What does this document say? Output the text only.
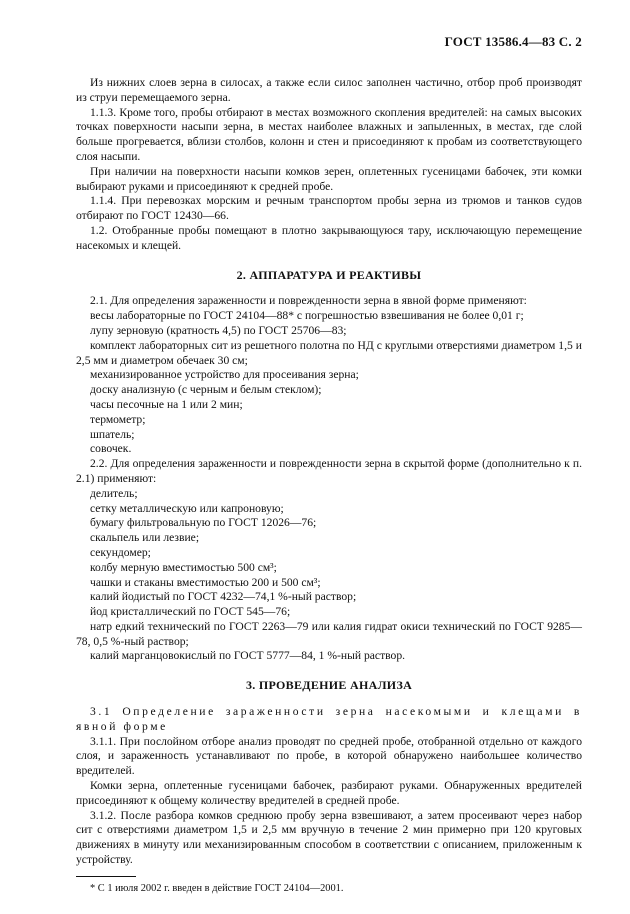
ГОСТ 13586.4—83 С. 2

Из нижних слоев зерна в силосах, а также если силос заполнен частично, отбор проб производят из струи перемещаемого зерна.

1.1.3. Кроме того, пробы отбирают в местах возможного скопления вредителей: на самых высоких точках поверхности насыпи зерна, в местах наиболее влажных и запыленных, в местах, где слой больше прогревается, вблизи столбов, колонн и стен и присоединяют к пробам из соответствующего слоя насыпи.

При наличии на поверхности насыпи комков зерен, оплетенных гусеницами бабочек, эти комки выбирают руками и присоединяют к средней пробе.

1.1.4. При перевозках морским и речным транспортом пробы зерна из трюмов и танков судов отбирают по ГОСТ 12430—66.

1.2. Отобранные пробы помещают в плотно закрывающуюся тару, исключающую перемещение насекомых и клещей.

2. АППАРАТУРА И РЕАКТИВЫ

2.1. Для определения зараженности и поврежденности зерна в явной форме применяют:

весы лабораторные по ГОСТ 24104—88* с погрешностью взвешивания не более 0,01 г;

лупу зерновую (кратность 4,5) по ГОСТ 25706—83;

комплект лабораторных сит из решетного полотна по НД с круглыми отверстиями диаметром 1,5 и 2,5 мм и диаметром обечаек 30 см;

механизированное устройство для просеивания зерна;

доску анализную (с черным и белым стеклом);

часы песочные на 1 или 2 мин;

термометр;

шпатель;

совочек.

2.2. Для определения зараженности и поврежденности зерна в скрытой форме (дополнительно к п. 2.1) применяют:

делитель;

сетку металлическую или капроновую;

бумагу фильтровальную по ГОСТ 12026—76;

скальпель или лезвие;

секундомер;

колбу мерную вместимостью 500 см³;

чашки и стаканы вместимостью 200 и 500 см³;

калий йодистый по ГОСТ 4232—74,1 %-ный раствор;

йод кристаллический по ГОСТ 545—76;

натр едкий технический по ГОСТ 2263—79 или калия гидрат окиси технический по ГОСТ 9285—78, 0,5 %-ный раствор;

калий марганцовокислый по ГОСТ 5777—84, 1 %-ный раствор.

3. ПРОВЕДЕНИЕ АНАЛИЗА

3.1 Определение зараженности зерна насекомыми и клещами в явной форме

3.1.1. При послойном отборе анализ проводят по средней пробе, отобранной отдельно от каждого слоя, и зараженность устанавливают по пробе, в которой обнаружено наибольшее количество вредителей.

Комки зерна, оплетенные гусеницами бабочек, разбирают руками. Обнаруженных вредителей присоединяют к общему количеству вредителей в средней пробе.

3.1.2. После разбора комков среднюю пробу зерна взвешивают, а затем просеивают через набор сит с отверстиями диаметром 1,5 и 2,5 мм вручную в течение 2 мин примерно при 120 круговых движениях в минуту или механизированным способом в соответствии с описанием, приложенным к устройству.

* С 1 июля 2002 г. введен в действие ГОСТ 24104—2001.
